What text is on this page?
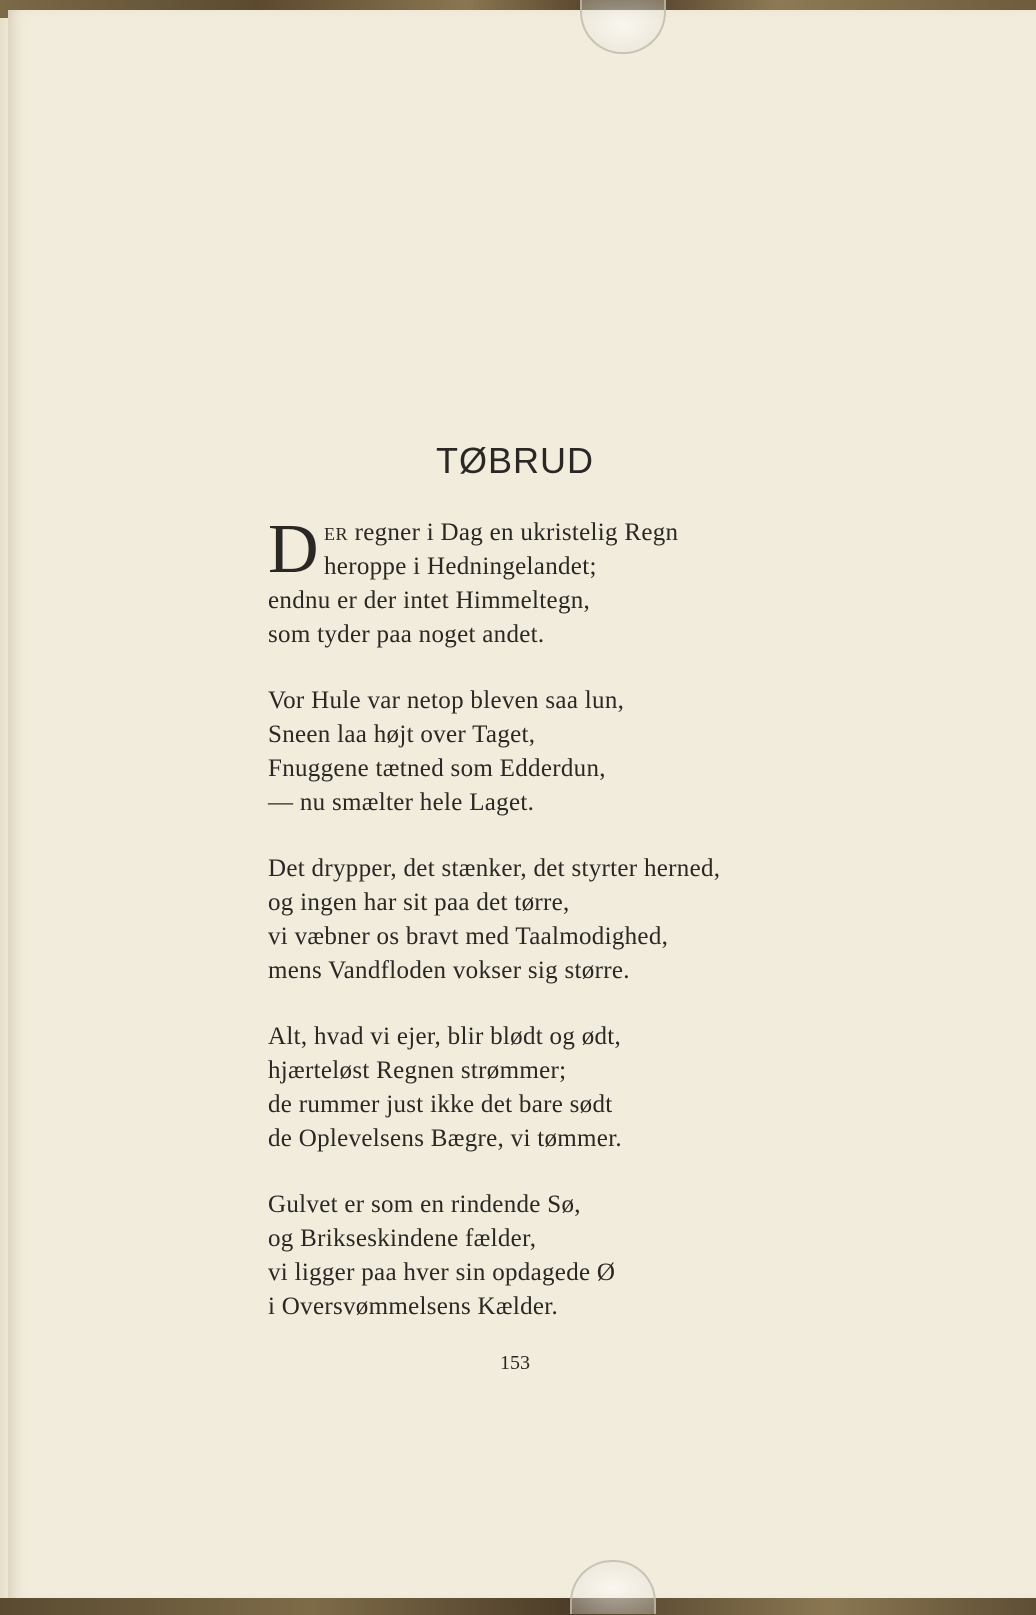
TØBRUD
D ER regner i Dag en ukristelig Regn
heroppe i Hedningelandet;
endnu er der intet Himmeltegn,
som tyder paa noget andet.
Vor Hule var netop bleven saa lun,
Sneen laa højt over Taget,
Fnuggene tætned som Edderdun,
— nu smælter hele Laget.
Det drypper, det stænker, det styrter herned,
og ingen har sit paa det tørre,
vi væbner os bravt med Taalmodighed,
mens Vandfloden vokser sig større.
Alt, hvad vi ejer, blir blødt og ødt,
hjærteløst Regnen strømmer;
de rummer just ikke det bare sødt
de Oplevelsens Bægre, vi tømmer.
Gulvet er som en rindende Sø,
og Brikseskindene fælder,
vi ligger paa hver sin opdagede Ø
i Oversvømmelsens Kælder.
153
